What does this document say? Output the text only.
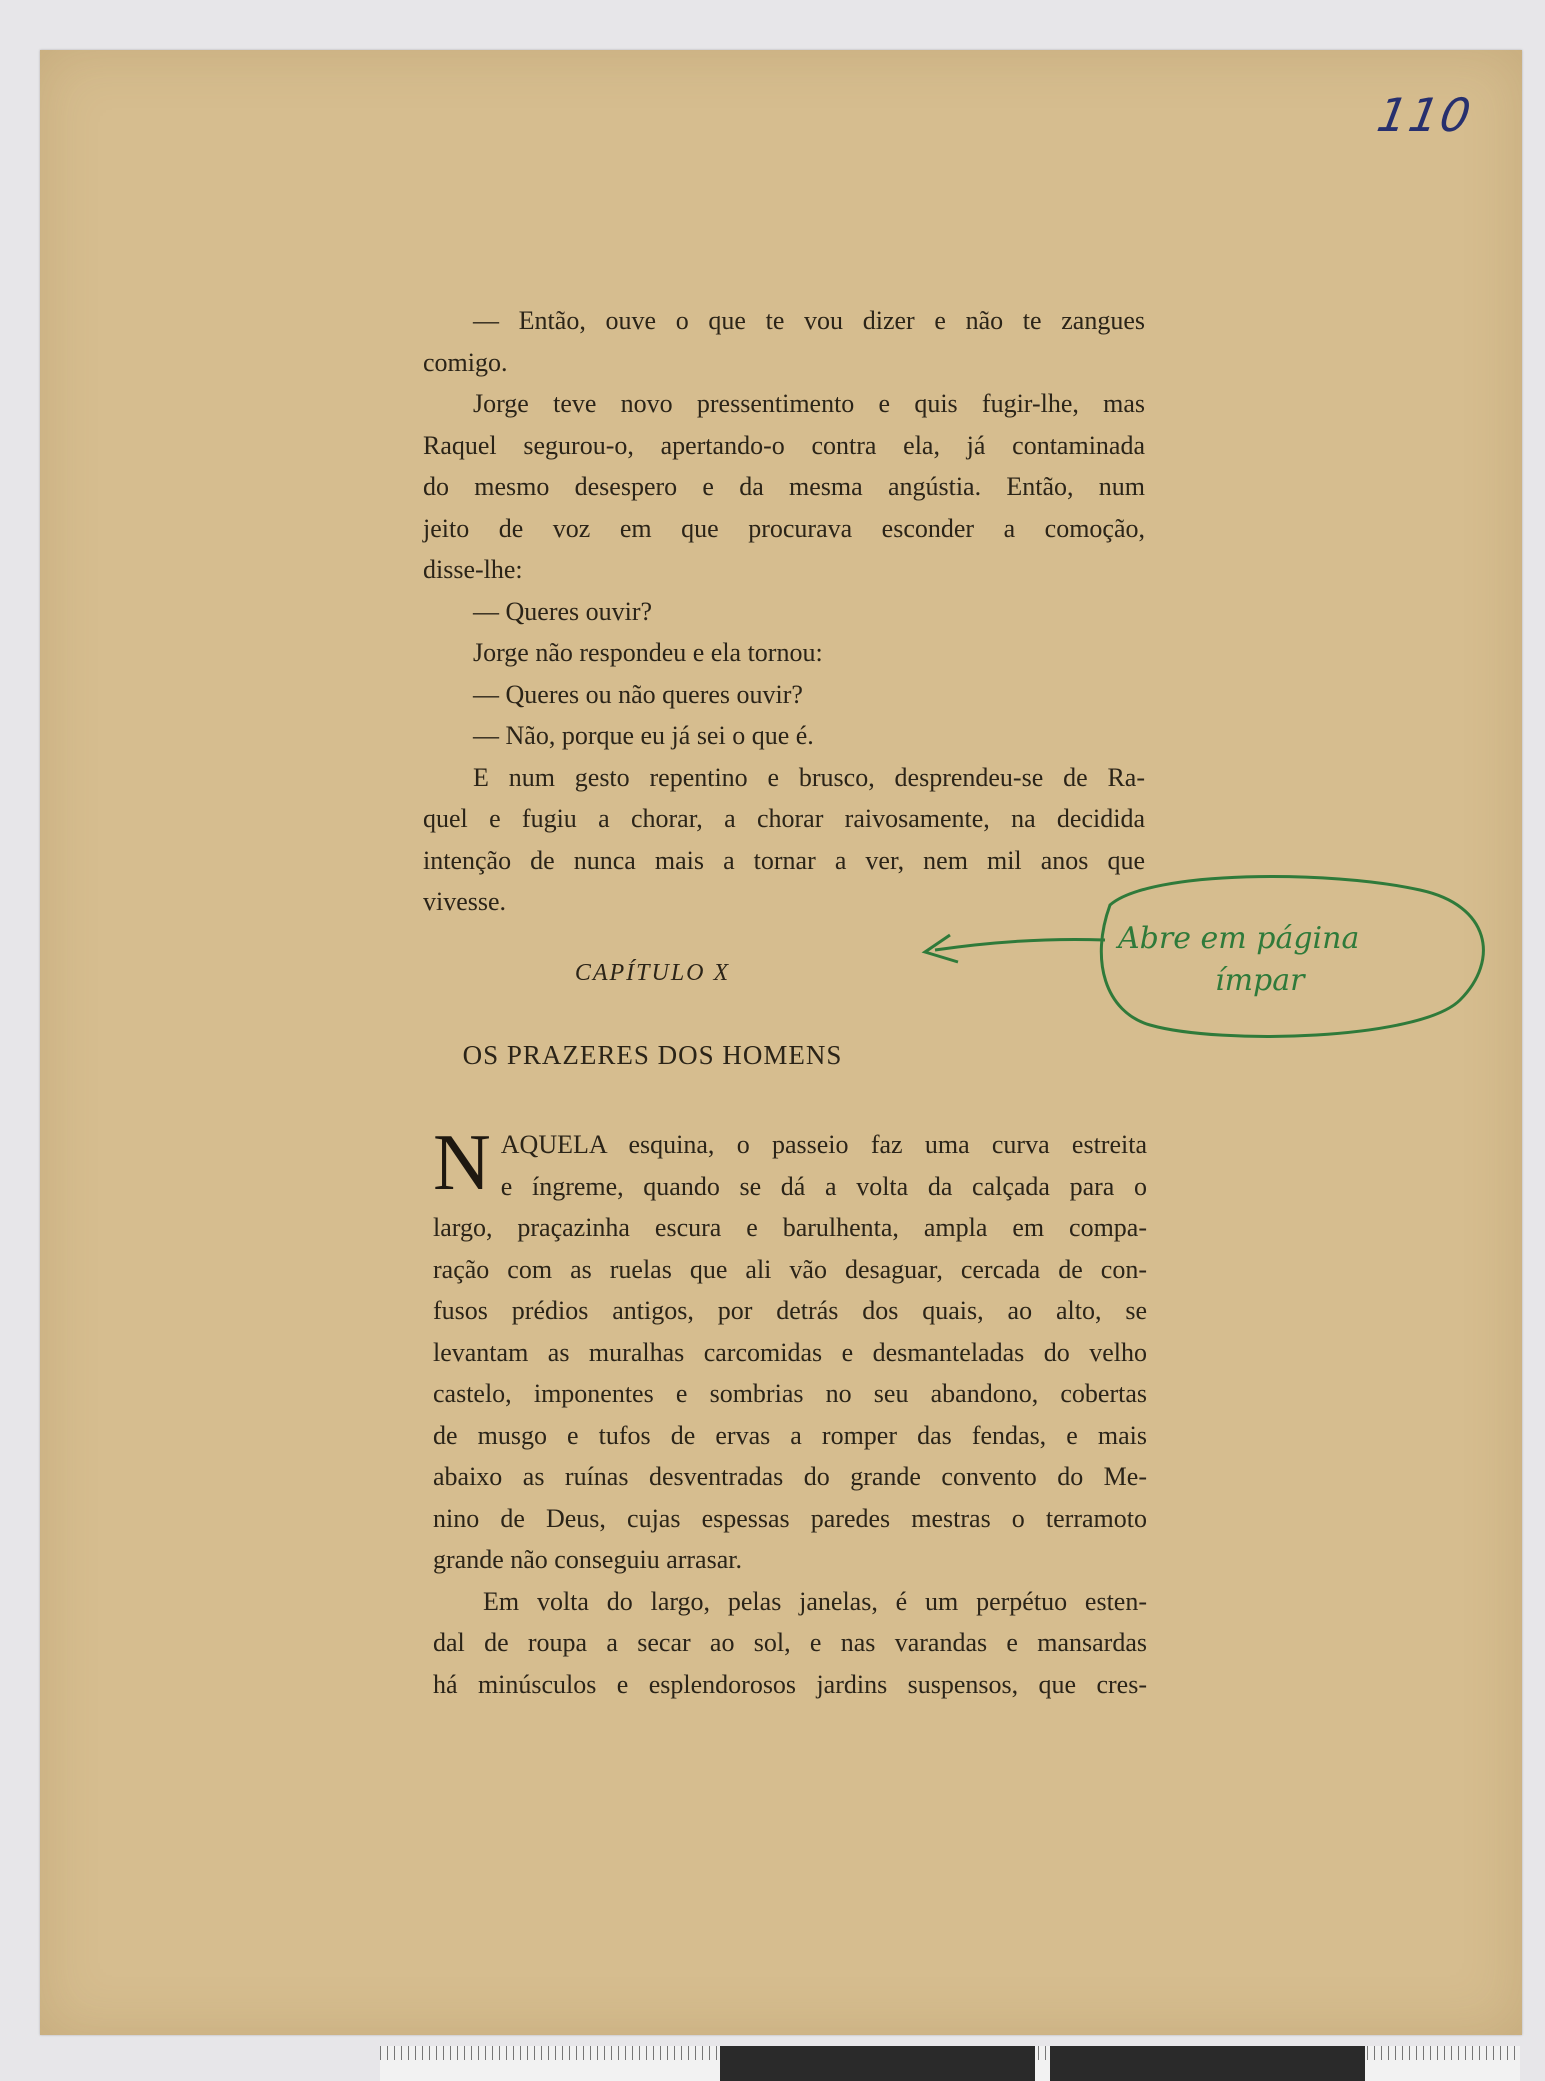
110

— Então, ouve o que te vou dizer e não te zangues

comigo.

Jorge teve novo pressentimento e quis fugir-lhe, mas

Raquel segurou-o, apertando-o contra ela, já contaminada

do mesmo desespero e da mesma angústia. Então, num

jeito de voz em que procurava esconder a comoção,

disse-lhe:

— Queres ouvir?

Jorge não respondeu e ela tornou:

— Queres ou não queres ouvir?

— Não, porque eu já sei o que é.

E num gesto repentino e brusco, desprendeu-se de Ra-

quel e fugiu a chorar, a chorar raivosamente, na decidida

intenção de nunca mais a tornar a ver, nem mil anos que

vivesse.

CAPÍTULO X
OS PRAZERES DOS HOMENS
Abre em página
ímpar
N AQUELA esquina, o passeio faz uma curva estreita

e íngreme, quando se dá a volta da calçada para o

largo, praçazinha escura e barulhenta, ampla em compa-

ração com as ruelas que ali vão desaguar, cercada de con-

fusos prédios antigos, por detrás dos quais, ao alto, se

levantam as muralhas carcomidas e desmanteladas do velho

castelo, imponentes e sombrias no seu abandono, cobertas

de musgo e tufos de ervas a romper das fendas, e mais

abaixo as ruínas desventradas do grande convento do Me-

nino de Deus, cujas espessas paredes mestras o terramoto

grande não conseguiu arrasar.

Em volta do largo, pelas janelas, é um perpétuo esten-

dal de roupa a secar ao sol, e nas varandas e mansardas

há minúsculos e esplendorosos jardins suspensos, que cres-
